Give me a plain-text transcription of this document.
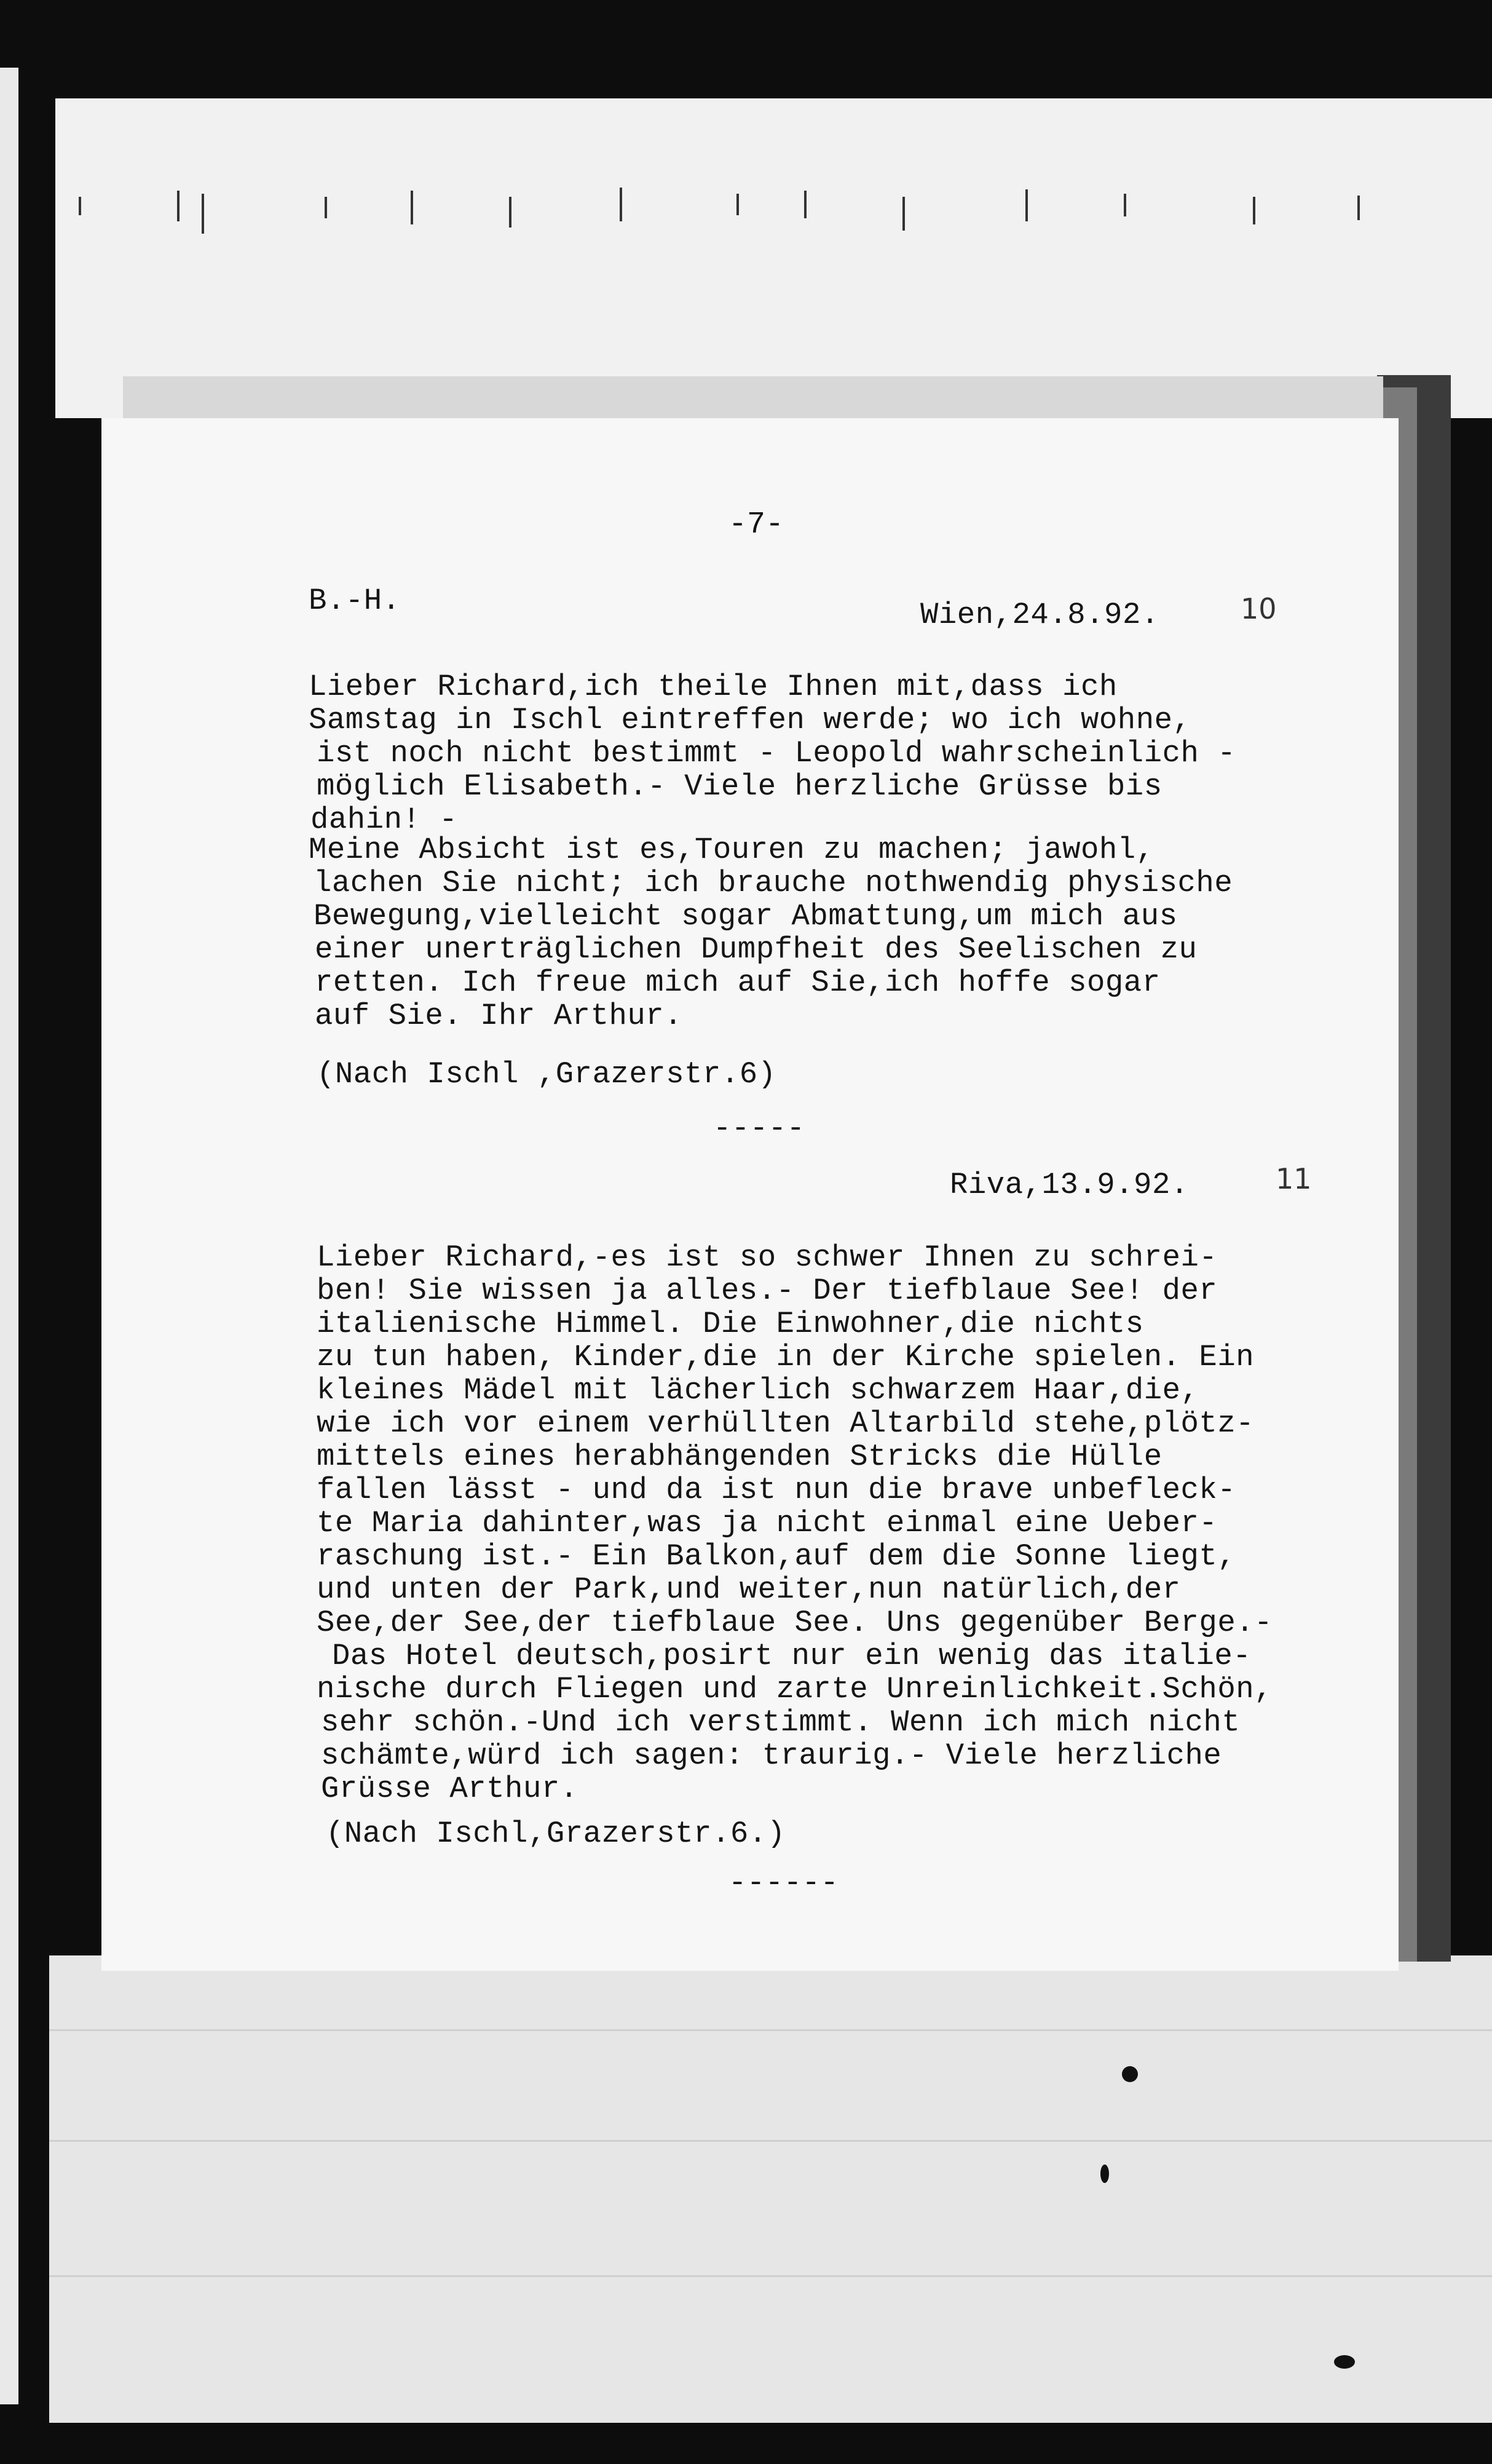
-7-
B.-H.	Wien,24.8.92.	10
Lieber Richard,ich theile Ihnen mit,dass ich
Samstag in Ischl eintreffen werde; wo ich wohne,
ist noch nicht bestimmt - Leopold wahrscheinlich -
möglich Elisabeth.- Viele herzliche Grüsse bis
dahin! -
Meine Absicht ist es,Touren zu machen; jawohl,
lachen Sie nicht; ich brauche nothwendig physische
Bewegung,vielleicht sogar Abmattung,um mich aus
einer unerträglichen Dumpfheit des Seelischen zu
retten. Ich freue mich auf Sie,ich hoffe sogar
auf Sie. Ihr Arthur.
(Nach Ischl ,Grazerstr.6)
-----
Riva,13.9.92.	11
Lieber Richard,-es ist so schwer Ihnen zu schrei-
ben! Sie wissen ja alles.- Der tiefblaue See! der
italienische Himmel. Die Einwohner,die nichts
zu tun haben, Kinder,die in der Kirche spielen. Ein
kleines Mädel mit lächerlich schwarzem Haar,die,
wie ich vor einem verhüllten Altarbild stehe,plötz-
mittels eines herabhängenden Stricks die Hülle
fallen lässt - und da ist nun die brave unbefleck-
te Maria dahinter,was ja nicht einmal eine Ueber-
raschung ist.- Ein Balkon,auf dem die Sonne liegt,
und unten der Park,und weiter,nun natürlich,der
See,der See,der tiefblaue See. Uns gegenüber Berge.-
Das Hotel deutsch,posirt nur ein wenig das italie-
nische durch Fliegen und zarte Unreinlichkeit.Schön,
sehr schön.-Und ich verstimmt. Wenn ich mich nicht
schämte,würd ich sagen: traurig.- Viele herzliche
Grüsse Arthur.
(Nach Ischl,Grazerstr.6.)
------
